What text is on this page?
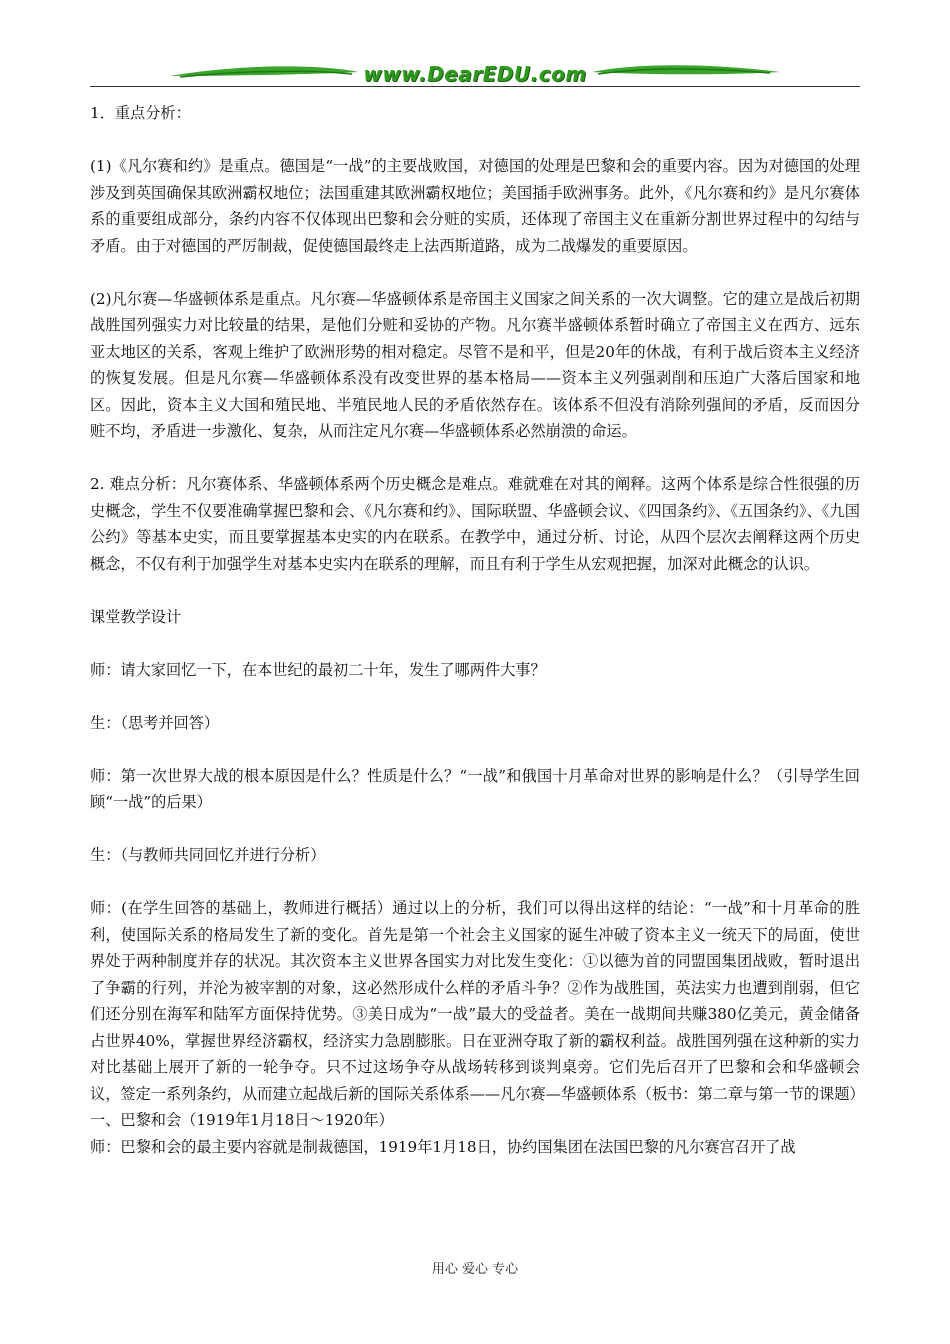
www.DearEDU.com

1．重点分析：

(1)《凡尔赛和约》是重点。德国是“一战”的主要战败国，对德国的处理是巴黎和会的重要内容。因为对德国的处理涉及到英国确保其欧洲霸权地位；法国重建其欧洲霸权地位；美国插手欧洲事务。此外，《凡尔赛和约》是凡尔赛体系的重要组成部分，条约内容不仅体现出巴黎和会分赃的实质，还体现了帝国主义在重新分割世界过程中的勾结与矛盾。由于对德国的严厉制裁，促使德国最终走上法西斯道路，成为二战爆发的重要原因。

(2)凡尔赛—华盛顿体系是重点。凡尔赛—华盛顿体系是帝国主义国家之间关系的一次大调整。它的建立是战后初期战胜国列强实力对比较量的结果，是他们分赃和妥协的产物。凡尔赛半盛顿体系暂时确立了帝国主义在西方、远东亚太地区的关系，客观上维护了欧洲形势的相对稳定。尽管不是和平，但是20年的休战，有利于战后资本主义经济的恢复发展。但是凡尔赛—华盛顿体系没有改变世界的基本格局——资本主义列强剥削和压迫广大落后国家和地区。因此，资本主义大国和殖民地、半殖民地人民的矛盾依然存在。该体系不但没有消除列强间的矛盾，反而因分赃不均，矛盾进一步激化、复杂，从而注定凡尔赛—华盛顿体系必然崩溃的命运。

2. 难点分析：凡尔赛体系、华盛顿体系两个历史概念是难点。难就难在对其的阐释。这两个体系是综合性很强的历史概念，学生不仅要准确掌握巴黎和会、《凡尔赛和约》、国际联盟、华盛顿会议、《四国条约》、《五国条约》、《九国公约》等基本史实，而且要掌握基本史实的内在联系。在教学中，通过分析、讨论，从四个层次去阐释这两个历史概念，不仅有利于加强学生对基本史实内在联系的理解，而且有利于学生从宏观把握，加深对此概念的认识。

课堂教学设计

师：请大家回忆一下，在本世纪的最初二十年，发生了哪两件大事？

生：（思考并回答）

师：第一次世界大战的根本原因是什么？性质是什么？“一战”和俄国十月革命对世界的影响是什么？（引导学生回顾“一战”的后果）

生：（与教师共同回忆并进行分析）

师：(在学生回答的基础上，教师进行概括）通过以上的分析，我们可以得出这样的结论：“一战”和十月革命的胜利，使国际关系的格局发生了新的变化。首先是第一个社会主义国家的诞生冲破了资本主义一统天下的局面，使世界处于两种制度并存的状况。其次资本主义世界各国实力对比发生变化：①以德为首的同盟国集团战败，暂时退出了争霸的行列，并沦为被宰割的对象，这必然形成什么样的矛盾斗争？②作为战胜国，英法实力也遭到削弱，但它们还分别在海军和陆军方面保持优势。③美日成为“一战”最大的受益者。美在一战期间共赚380亿美元，黄金储备占世界40%，掌握世界经济霸权，经济实力急剧膨胀。日在亚洲夺取了新的霸权利益。战胜国列强在这种新的实力对比基础上展开了新的一轮争夺。只不过这场争夺从战场转移到谈判桌旁。它们先后召开了巴黎和会和华盛顿会议，签定一系列条约，从而建立起战后新的国际关系体系——凡尔赛—华盛顿体系（板书：第二章与第一节的课题）

一、巴黎和会（1919年1月18日～1920年）

师：巴黎和会的最主要内容就是制裁德国，1919年1月18日，协约国集团在法国巴黎的凡尔赛宫召开了战

用心 爱心 专心
